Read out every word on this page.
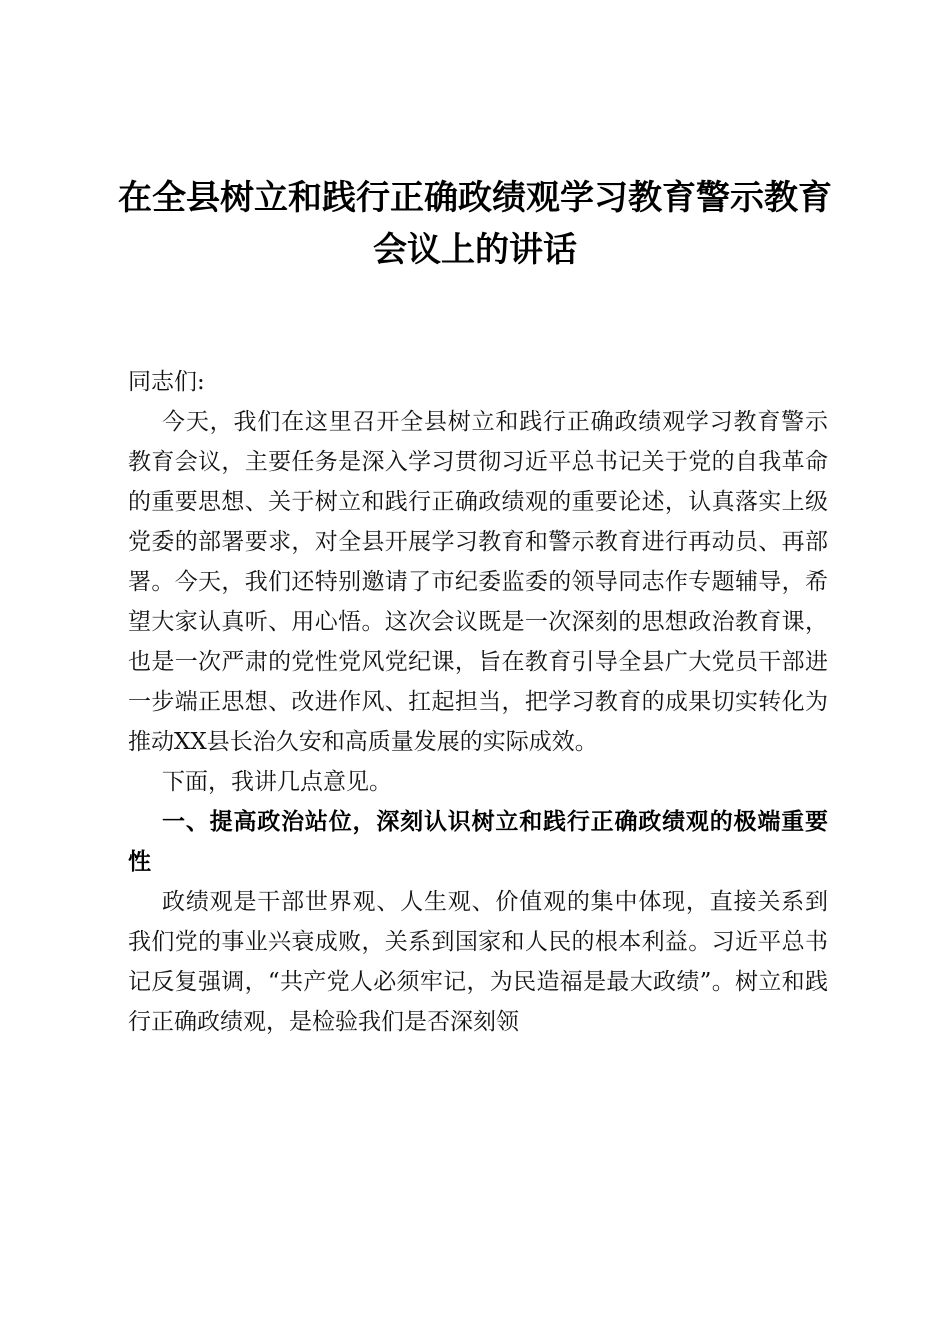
在全县树立和践行正确政绩观学习教育警示教育会议上的讲话

同志们:

今天，我们在这里召开全县树立和践行正确政绩观学习教育警示教育会议，主要任务是深入学习贯彻习近平总书记关于党的自我革命的重要思想、关于树立和践行正确政绩观的重要论述，认真落实上级党委的部署要求，对全县开展学习教育和警示教育进行再动员、再部署。今天，我们还特别邀请了市纪委监委的领导同志作专题辅导，希望大家认真听、用心悟。这次会议既是一次深刻的思想政治教育课，也是一次严肃的党性党风党纪课，旨在教育引导全县广大党员干部进一步端正思想、改进作风、扛起担当，把学习教育的成果切实转化为推动XX县长治久安和高质量发展的实际成效。

下面，我讲几点意见。

一、提高政治站位，深刻认识树立和践行正确政绩观的极端重要性

政绩观是干部世界观、人生观、价值观的集中体现，直接关系到我们党的事业兴衰成败，关系到国家和人民的根本利益。习近平总书记反复强调，“共产党人必须牢记，为民造福是最大政绩”。树立和践行正确政绩观，是检验我们是否深刻领
